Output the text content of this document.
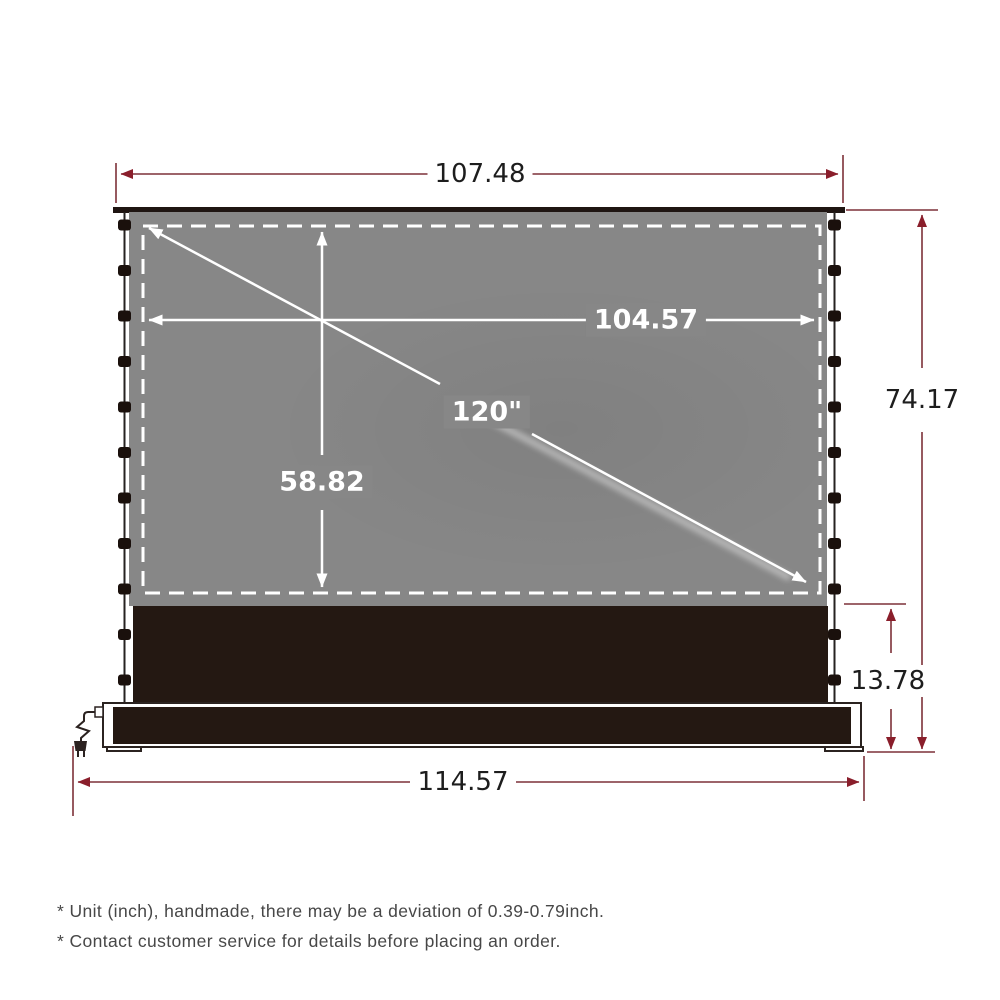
107.48
104.57
120"
58.82
74.17
13.78
114.57

* Unit (inch), handmade, there may be a deviation of 0.39-0.79inch.

* Contact customer service for details before placing an order.
